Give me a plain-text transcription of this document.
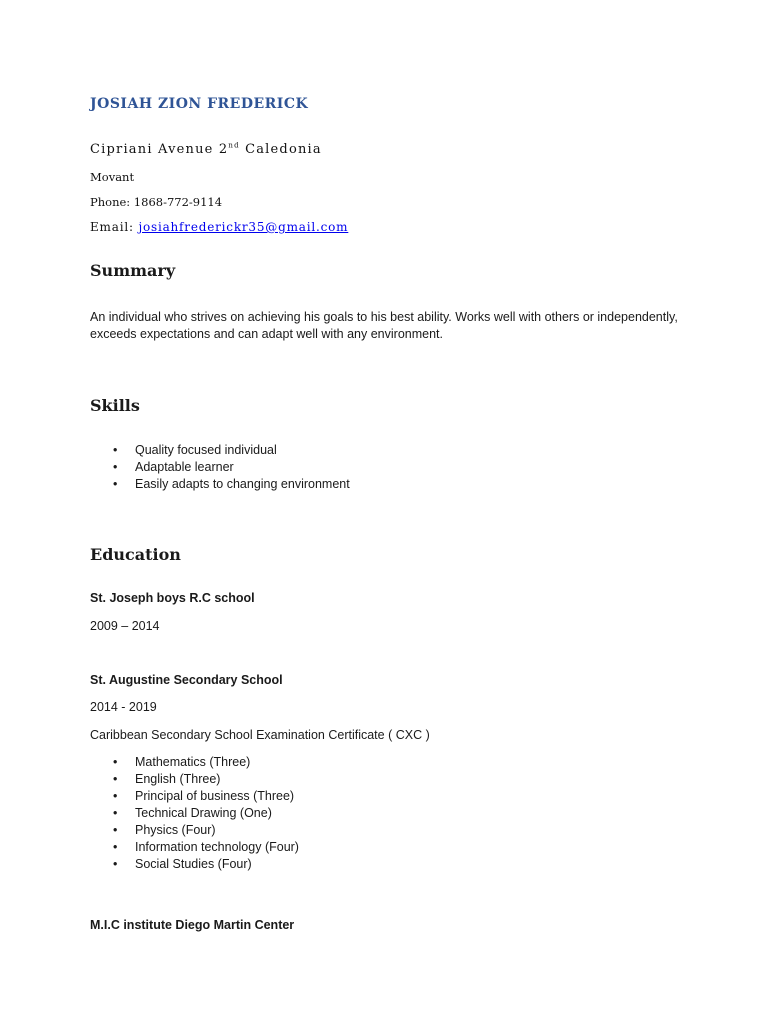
JOSIAH ZION FREDERICK
Cipriani Avenue 2nd Caledonia
Movant
Phone: 1868-772-9114
Email: josiahfrederickr35@gmail.com
Summary
An individual who strives on achieving his goals to his best ability. Works well with others or independently, exceeds expectations and can adapt well with any environment.
Skills
• Quality focused individual
• Adaptable learner
• Easily adapts to changing environment
Education
St. Joseph boys R.C school
2009 – 2014
St. Augustine Secondary School
2014 - 2019
Caribbean Secondary School Examination Certificate ( CXC )
• Mathematics (Three)
• English (Three)
• Principal of business (Three)
• Technical Drawing (One)
• Physics (Four)
• Information technology (Four)
• Social Studies (Four)
M.I.C institute Diego Martin Center
